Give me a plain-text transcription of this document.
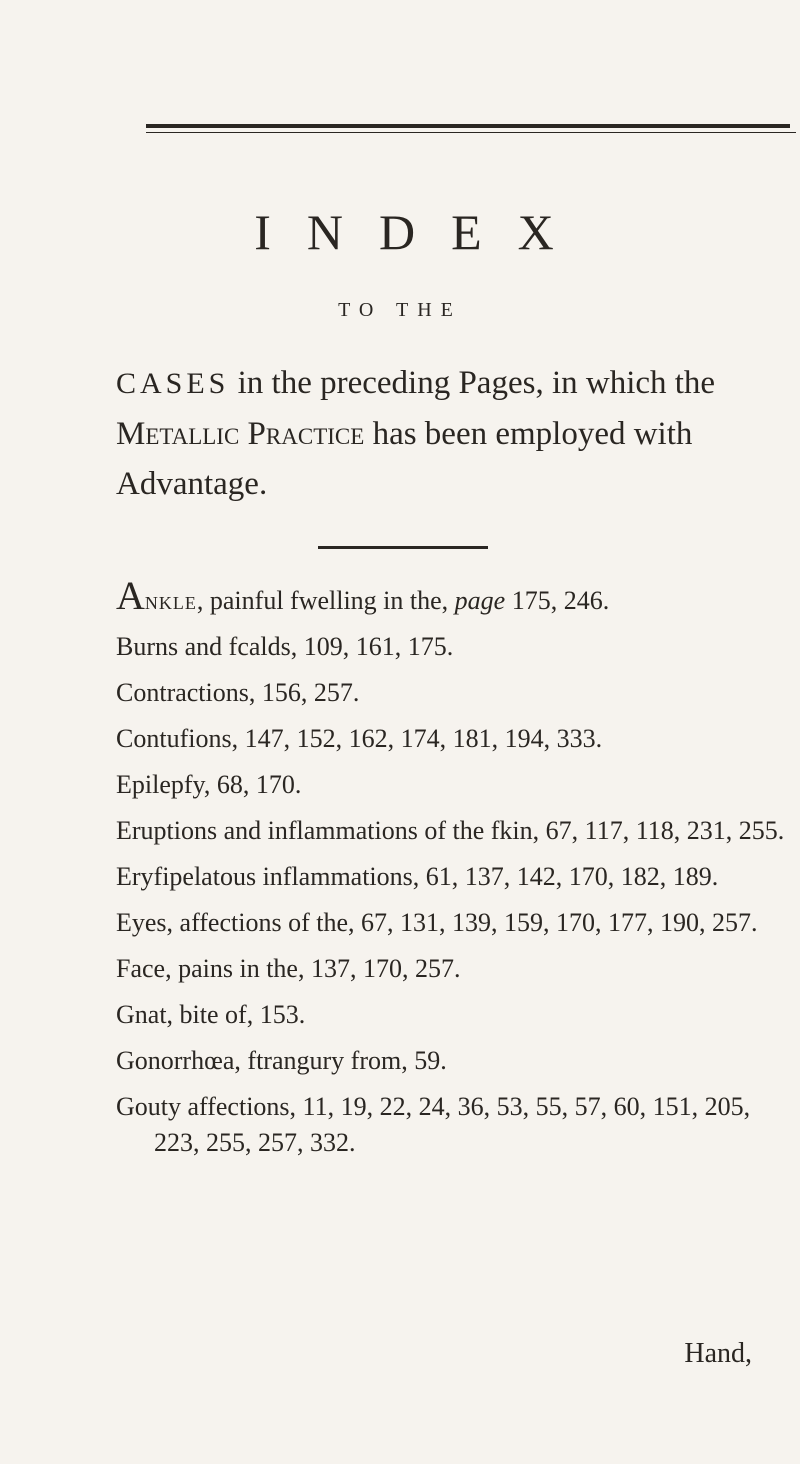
INDEX
TO THE
CASES in the preceding Pages, in which the
Metallic Practice has been employed with
Advantage.
Ankle, painful fwelling in the, page 175, 246.
Burns and fcalds, 109, 161, 175.
Contractions, 156, 257.
Contufions, 147, 152, 162, 174, 181, 194, 333.
Epilepfy, 68, 170.
Eruptions and inflammations of the fkin, 67, 117, 118, 231, 255.
Eryfipelatous inflammations, 61, 137, 142, 170, 182, 189.
Eyes, affections of the, 67, 131, 139, 159, 170, 177, 190, 257.
Face, pains in the, 137, 170, 257.
Gnat, bite of, 153.
Gonorrhœa, ftrangury from, 59.
Gouty affections, 11, 19, 22, 24, 36, 53, 55, 57, 60, 151, 205, 223, 255, 257, 332.
Hand,
